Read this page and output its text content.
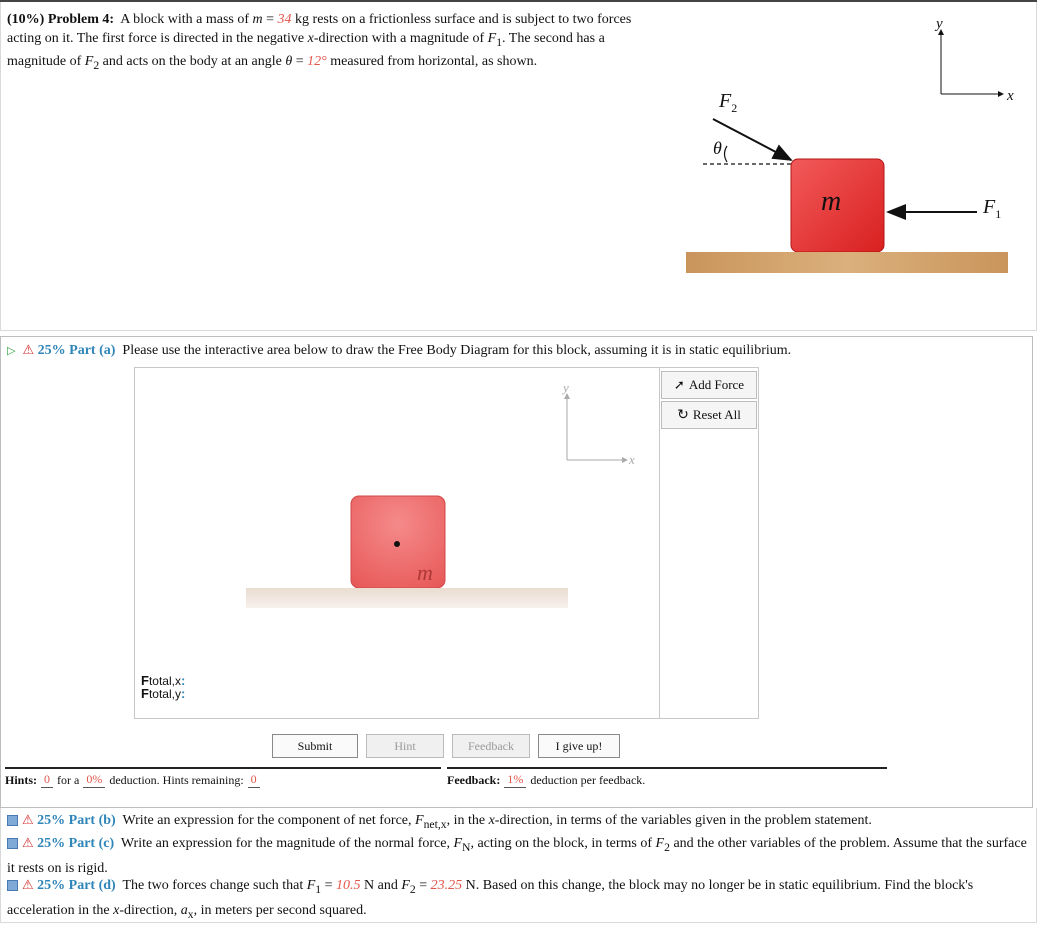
(10%) Problem 4: A block with a mass of m = 34 kg rests on a frictionless surface and is subject to two forces acting on it. The first force is directed in the negative x-direction with a magnitude of $F_1$. The second has a magnitude of $F_2$ and acts on the body at an angle θ = 12° measured from horizontal, as shown.
y
x
$F_2$
θ
m	$F_1$
▷ ⚠ 25% Part (a) Please use the interactive area below to draw the Free Body Diagram for this block, assuming it is in static equilibrium.
y
x
m
Ftotal,x:
Ftotal,y:
➚ Add Force
↻ Reset All
Submit	Hint	Feedback	I give up!
Hints: 0 for a 0% deduction. Hints remaining: 0	Feedback: 1% deduction per feedback.
⚠ 25% Part (b) Write an expression for the component of net force, $F_{net,x}$, in the x-direction, in terms of the variables given in the problem statement.
⚠ 25% Part (c) Write an expression for the magnitude of the normal force, $F_N$, acting on the block, in terms of $F_2$ and the other variables of the problem. Assume that the surface it rests on is rigid.
⚠ 25% Part (d) The two forces change such that $F_1 = 10.5$ N and $F_2 = 23.25$ N. Based on this change, the block may no longer be in static equilibrium. Find the block's acceleration in the x-direction, $a_x$, in meters per second squared.
